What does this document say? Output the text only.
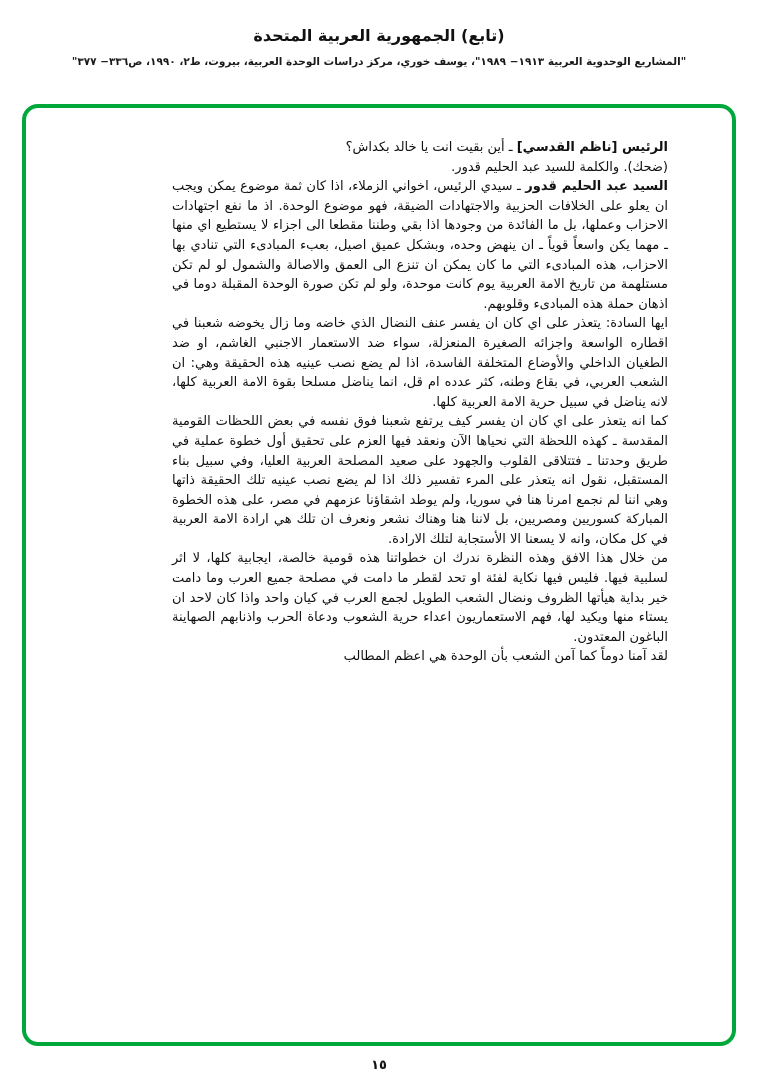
(تابع) الجمهورية العربية المتحدة
"المشاريع الوحدوية العربية ١٩١٣− ١٩٨٩"، يوسف خوري، مركز دراسات الوحدة العربية، بيروت، ط٢، ١٩٩٠، ص٣٣٦− ٣٧٧"

الرئيس [ناظم القدسي] ـ أين بقيت انت يا خالد بكداش؟

(ضحك). والكلمة للسيد عبد الحليم قدور.

السيد عبد الحليم قدور ـ سيدي الرئيس، اخواني الزملاء، اذا كان ثمة موضوع يمكن ويجب ان يعلو على الخلافات الحزبية والاجتهادات الضيقة، فهو موضوع الوحدة. اذ ما نفع اجتهادات الاحزاب وعملها، بل ما الفائدة من وجودها اذا بقي وطننا مقطعا الى اجزاء لا يستطيع اي منها ـ مهما يكن واسعاً قوياً ـ ان ينهض وحده، وبشكل عميق اصيل، بعبء المبادىء التي تنادي بها الاحزاب، هذه المبادىء التي ما كان يمكن ان تنزع الى العمق والاصالة والشمول لو لم تكن مستلهمة من تاريخ الامة العربية يوم كانت موحدة، ولو لم تكن صورة الوحدة المقبلة دوما في اذهان حملة هذه المبادىء وقلوبهم.

ايها السادة: يتعذر على اي كان ان يفسر عنف النضال الذي خاضه وما زال يخوضه شعبنا في اقطاره الواسعة واجزائه الصغيرة المنعزلة، سواء ضد الاستعمار الاجنبي الغاشم، او ضد الطغيان الداخلي والأوضاع المتخلفة الفاسدة، اذا لم يضع نصب عينيه هذه الحقيقة وهي: ان الشعب العربي، في بقاع وطنه، كثر عدده ام قل، انما يناضل مسلحا بقوة الامة العربية كلها، لانه يناضل في سبيل حرية الامة العربية كلها.

كما انه يتعذر على اي كان ان يفسر كيف يرتفع شعبنا فوق نفسه في بعض اللحظات القومية المقدسة ـ كهذه اللحظة التي نحياها الآن ونعقد فيها العزم على تحقيق أول خطوة عملية في طريق وحدتنا ـ فتتلاقى القلوب والجهود على صعيد المصلحة العربية العليا، وفي سبيل بناء المستقبل، نقول انه يتعذر على المرء تفسير ذلك اذا لم يضع نصب عينيه تلك الحقيقة ذاتها وهي اننا لم نجمع امرنا هنا في سوريا، ولم يوطد اشقاؤنا عزمهم في مصر، على هذه الخطوة المباركة كسوريين ومصريين، بل لاننا هنا وهناك نشعر ونعرف ان تلك هي ارادة الامة العربية في كل مكان، وانه لا يسعنا الا الأستجابة لتلك الارادة.

من خلال هذا الافق وهذه النظرة ندرك ان خطواتنا هذه قومية خالصة، ايجابية كلها، لا اثر لسلبية فيها. فليس فيها نكاية لفئة او تحد لقطر ما دامت في مصلحة جميع العرب وما دامت خير بداية هيأتها الظروف ونضال الشعب الطويل لجمع العرب في كيان واحد واذا كان لاحد ان يستاء منها ويكيد لها، فهم الاستعماريون اعداء حرية الشعوب ودعاة الحرب واذنابهم الصهاينة الباغون المعتدون.

لقد آمنا دوماً كما آمن الشعب بأن الوحدة هي اعظم المطالب

١٥
